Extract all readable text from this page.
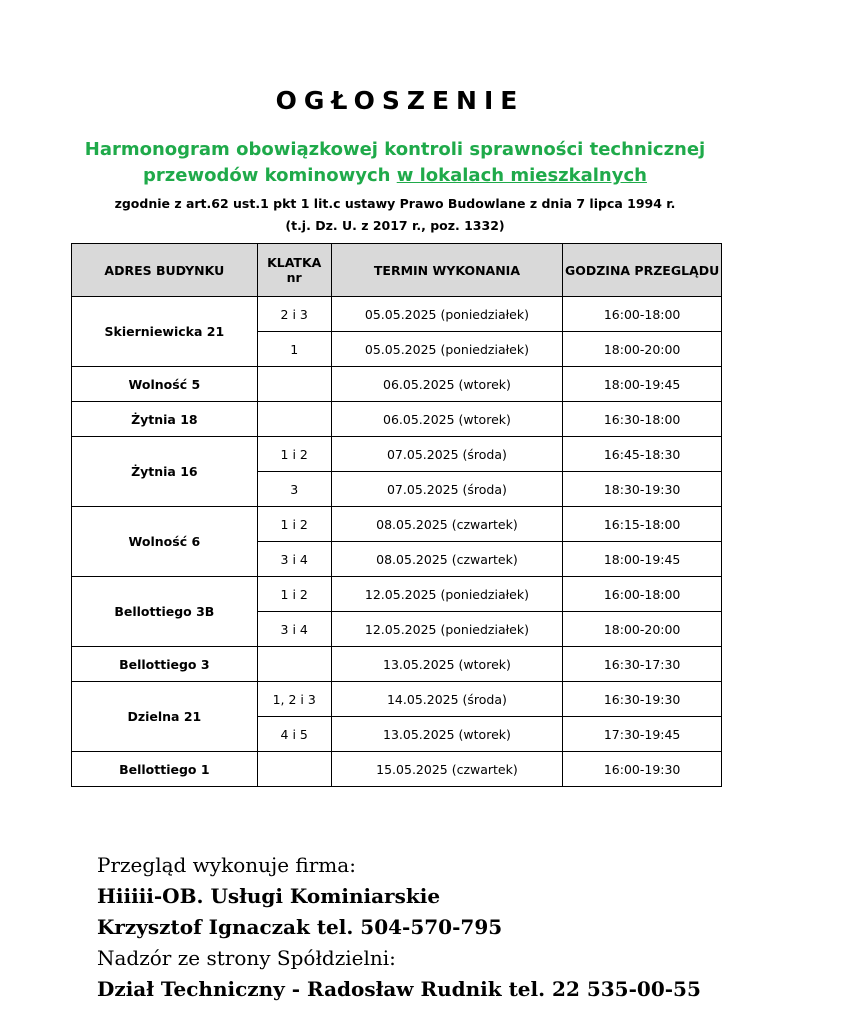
OGŁOSZENIE
Harmonogram obowiązkowej kontroli sprawności technicznej
przewodów kominowych w lokalach mieszkalnych
zgodnie z art.62 ust.1 pkt 1 lit.c ustawy Prawo Budowlane z dnia 7 lipca 1994 r.
(t.j. Dz. U. z 2017 r., poz. 1332)
ADRES BUDYNKU	KLATKA nr	TERMIN WYKONANIA	GODZINA PRZEGLĄDU
Skierniewicka 21	2 i 3	05.05.2025 (poniedziałek)	16:00-18:00
	1	05.05.2025 (poniedziałek)	18:00-20:00
Wolność 5		06.05.2025 (wtorek)	18:00-19:45
Żytnia 18		06.05.2025 (wtorek)	16:30-18:00
Żytnia 16	1 i 2	07.05.2025 (środa)	16:45-18:30
	3	07.05.2025 (środa)	18:30-19:30
Wolność 6	1 i 2	08.05.2025 (czwartek)	16:15-18:00
	3 i 4	08.05.2025 (czwartek)	18:00-19:45
Bellottiego 3B	1 i 2	12.05.2025 (poniedziałek)	16:00-18:00
	3 i 4	12.05.2025 (poniedziałek)	18:00-20:00
Bellottiego 3		13.05.2025 (wtorek)	16:30-17:30
Dzielna 21	1, 2 i 3	14.05.2025 (środa)	16:30-19:30
	4 i 5	13.05.2025 (wtorek)	17:30-19:45
Bellottiego 1		15.05.2025 (czwartek)	16:00-19:30
Przegląd wykonuje firma:
Hiiiii-OB. Usługi Kominiarskie
Krzysztof Ignaczak tel. 504-570-795
Nadzór ze strony Spółdzielni:
Dział Techniczny - Radosław Rudnik tel. 22 535-00-55
